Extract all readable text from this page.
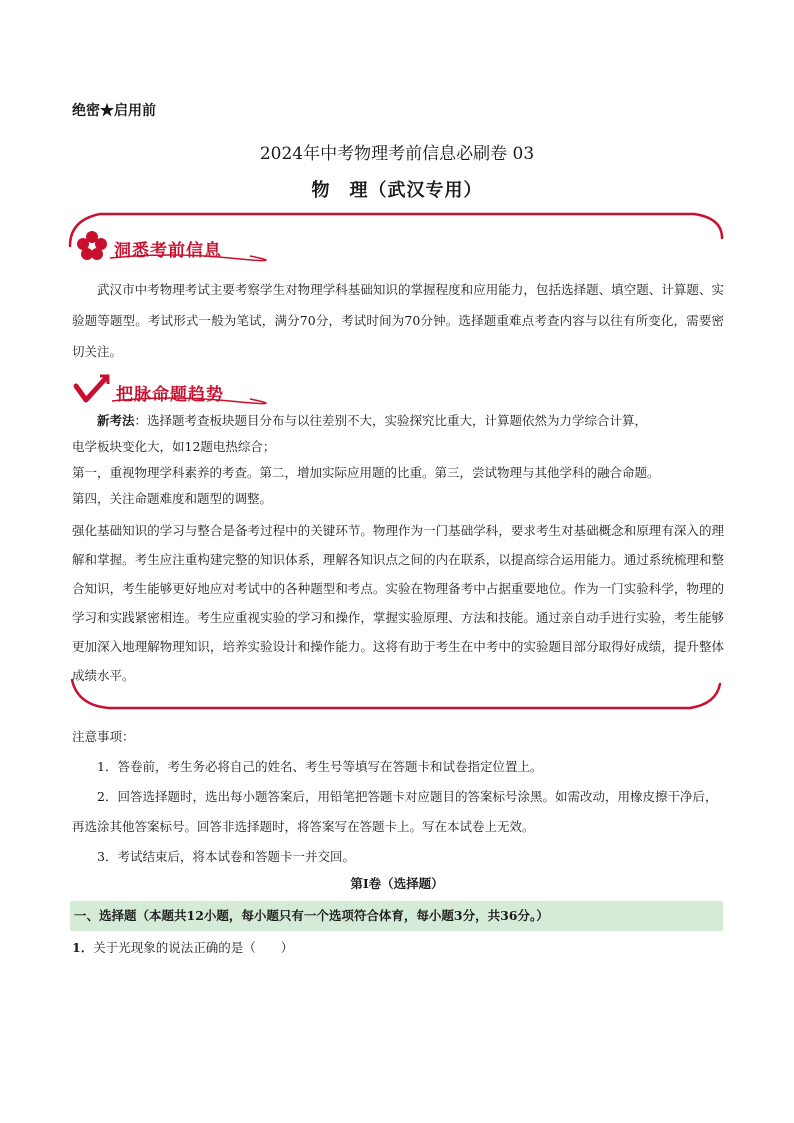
绝密★启用前
2024年中考物理考前信息必刷卷 03
物　理（武汉专用）
洞悉考前信息
武汉市中考物理考试主要考察学生对物理学科基础知识的掌握程度和应用能力，包括选择题、填空题、计算题、实验题等题型。考试形式一般为笔试，满分70分，考试时间为70分钟。选择题重难点考查内容与以往有所变化，需要密切关注。
把脉命题趋势
新考法：选择题考查板块题目分布与以往差别不大，实验探究比重大，计算题依然为力学综合计算，
电学板块变化大，如12题电热综合；
第一，重视物理学科素养的考查。第二，增加实际应用题的比重。第三，尝试物理与其他学科的融合命题。
第四，关注命题难度和题型的调整。
强化基础知识的学习与整合是备考过程中的关键环节。物理作为一门基础学科，要求考生对基础概念和原理有深入的理解和掌握。考生应注重构建完整的知识体系，理解各知识点之间的内在联系，以提高综合运用能力。通过系统梳理和整合知识，考生能够更好地应对考试中的各种题型和考点。实验在物理备考中占据重要地位。作为一门实验科学，物理的学习和实践紧密相连。考生应重视实验的学习和操作，掌握实验原理、方法和技能。通过亲自动手进行实验，考生能够更加深入地理解物理知识，培养实验设计和操作能力。这将有助于考生在中考中的实验题目部分取得好成绩，提升整体成绩水平。
注意事项：
1．答卷前，考生务必将自己的姓名、考生号等填写在答题卡和试卷指定位置上。
2．回答选择题时，选出每小题答案后，用铅笔把答题卡对应题目的答案标号涂黑。如需改动，用橡皮擦干净后，再选涂其他答案标号。回答非选择题时，将答案写在答题卡上。写在本试卷上无效。
3．考试结束后，将本试卷和答题卡一并交回。
第Ⅰ卷（选择题）
一、选择题（本题共12小题，每小题只有一个选项符合体育，每小题3分，共36分。）
1．关于光现象的说法正确的是（　　）
